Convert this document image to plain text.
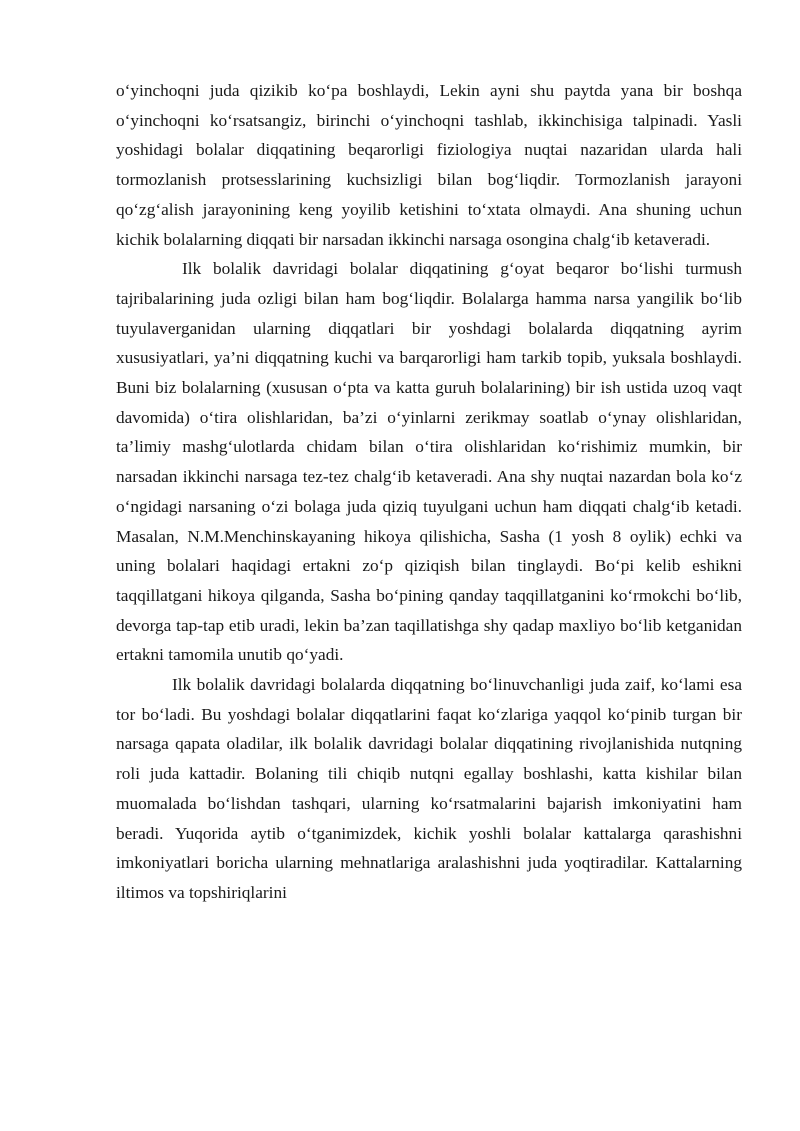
o‘yinchoqni juda qizikib ko‘pa boshlaydi, Lekin ayni shu paytda yana bir boshqa o‘yinchoqni ko‘rsatsangiz, birinchi o‘yinchoqni tashlab, ikkinchisiga talpinadi. Yasli yoshidagi bolalar diqqatining beqarorligi fiziologiya nuqtai nazaridan ularda hali tormozlanish protsesslarining kuchsizligi bilan bog‘liqdir. Tormozlanish jarayoni qo‘zg‘alish jarayonining keng yoyilib ketishini to‘xtata olmaydi. Ana shuning uchun kichik bolalarning diqqati bir narsadan ikkinchi narsaga osongina chalg‘ib ketaveradi.

Ilk bolalik davridagi bolalar diqqatining g‘oyat beqaror bo‘lishi turmush tajribalarining juda ozligi bilan ham bog‘liqdir. Bolalarga hamma narsa yangilik bo‘lib tuyulaverganidan ularning diqqatlari bir yoshdagi bolalarda diqqatning ayrim xususiyatlari, ya’ni diqqatning kuchi va barqarorligi ham tarkib topib, yuksala boshlaydi. Buni biz bolalarning (xususan o‘pta va katta guruh bolalarining) bir ish ustida uzoq vaqt davomida) o‘tira olishlaridan, ba’zi o‘yinlarni zerikmay soatlab o‘ynay olishlaridan, ta’limiy mashg‘ulotlarda chidam bilan o‘tira olishlaridan ko‘rishimiz mumkin, bir narsadan ikkinchi narsaga tez-tez chalg‘ib ketaveradi. Ana shy nuqtai nazardan bola ko‘z o‘ngidagi narsaning o‘zi bolaga juda qiziq tuyulgani uchun ham diqqati chalg‘ib ketadi. Masalan, N.M.Menchinskayaning hikoya qilishicha, Sasha (1 yosh 8 oylik) echki va uning bolalari haqidagi ertakni zo‘p qiziqish bilan tinglaydi. Bo‘pi kelib eshikni taqqillatgani hikoya qilganda, Sasha bo‘pining qanday taqqillatganini ko‘rmokchi bo‘lib, devorga tap-tap etib uradi, lekin ba’zan taqillatishga shy qadap maxliyo bo‘lib ketganidan ertakni tamomila unutib qo‘yadi.

Ilk bolalik davridagi bolalarda diqqatning bo‘linuvchanligi juda zaif, ko‘lami esa tor bo‘ladi. Bu yoshdagi bolalar diqqatlarini faqat ko‘zlariga yaqqol ko‘pinib turgan bir narsaga qapata oladilar, ilk bolalik davridagi bolalar diqqatining rivojlanishida nutqning roli juda kattadir. Bolaning tili chiqib nutqni egallay boshlashi, katta kishilar bilan muomalada bo‘lishdan tashqari, ularning ko‘rsatmalarini bajarish imkoniyatini ham beradi. Yuqorida aytib o‘tganimizdek, kichik yoshli bolalar kattalarga qarashishni imkoniyatlari boricha ularning mehnatlariga aralashishni juda yoqtiradilar. Kattalarning iltimos va topshiriqlarini
